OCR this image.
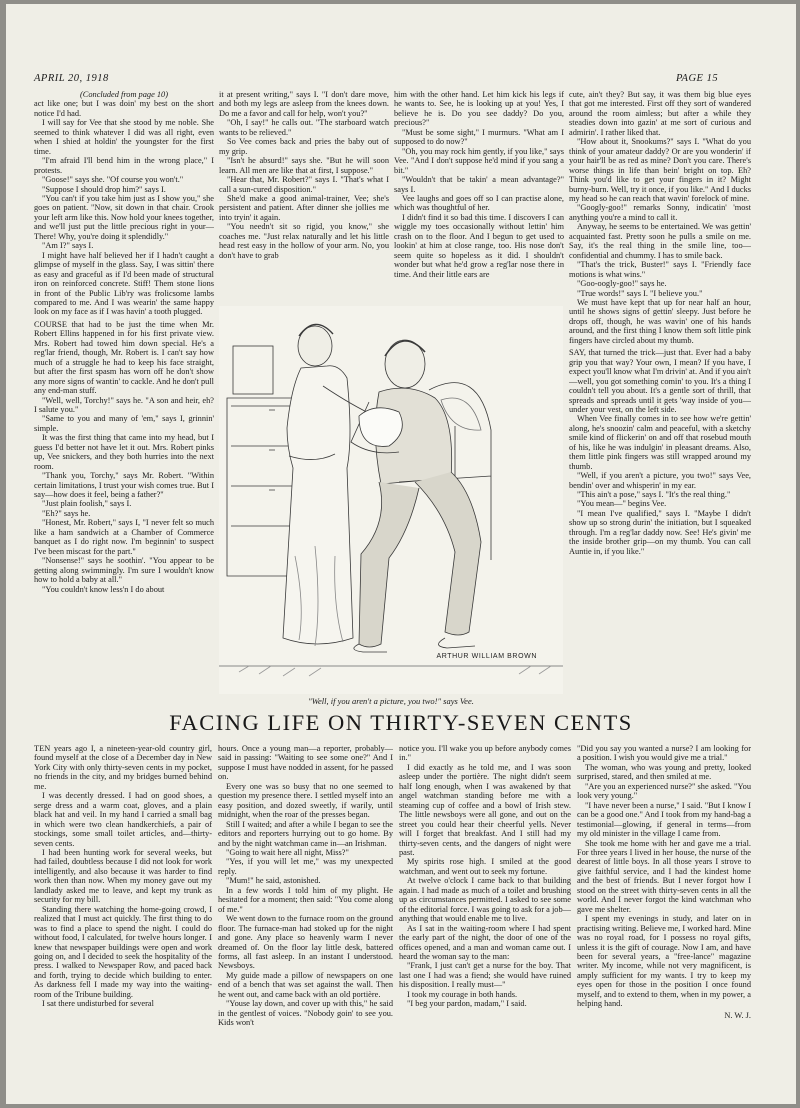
APRIL 20, 1918	PAGE 15

(Concluded from page 10)

act like one; but I was doin' my best on the short notice I'd had.

I will say for Vee that she stood by me noble. She seemed to think whatever I did was all right, even when I shied at holdin' the youngster for the first time.

"I'm afraid I'll bend him in the wrong place," I protests.

"Goose!" says she. "Of course you won't."

"Suppose I should drop him?" says I.

"You can't if you take him just as I show you," she goes on patient. "Now, sit down in that chair. Crook your left arm like this. Now hold your knees together, and we'll just put the little precious right in your— There! Why, you're doing it splendidly."

"Am I?" says I.

I might have half believed her if I hadn't caught a glimpse of myself in the glass. Say, I was sittin' there as easy and graceful as if I'd been made of structural iron on reinforced concrete. Stiff! Them stone lions in front of the Public Lib'ry was frolicsome lambs compared to me. And I was wearin' the same happy look on my face as if I was havin' a tooth plugged.

COURSE that had to be just the time when Mr. Robert Ellins happened in for his first private view. Mrs. Robert had towed him down special. He's a reg'lar friend, though, Mr. Robert is. I can't say how much of a struggle he had to keep his face straight, but after the first spasm has worn off he don't show any more signs of wantin' to cackle. And he don't pull any end-man stuff.

"Well, well, Torchy!" says he. "A son and heir, eh? I salute you."

"Same to you and many of 'em," says I, grinnin' simple.

It was the first thing that came into my head, but I guess I'd better not have let it out. Mrs. Robert pinks up, Vee snickers, and they both hurries into the next room.

"Thank you, Torchy," says Mr. Robert. "Within certain limitations, I trust your wish comes true. But I say—how does it feel, being a father?"

"Just plain foolish," says I.

"Eh?" says he.

"Honest, Mr. Robert," says I, "I never felt so much like a ham sandwich at a Chamber of Commerce banquet as I do right now. I'm beginnin' to suspect I've been miscast for the part."

"Nonsense!" says he soothin'. "You appear to be getting along swimmingly. I'm sure I wouldn't know how to hold a baby at all."

"You couldn't know less'n I do about

it at present writing," says I. "I don't dare move, and both my legs are asleep from the knees down. Do me a favor and call for help, won't you?"

"Oh, I say!" he calls out. "The starboard watch wants to be relieved."

So Vee comes back and pries the baby out of my grip.

"Isn't he absurd!" says she. "But he will soon learn. All men are like that at first, I suppose."

"Hear that, Mr. Robert?" says I. "That's what I call a sun-cured disposition."

She'd make a good animal-trainer, Vee; she's persistent and patient. After dinner she jollies me into tryin' it again.

"You needn't sit so rigid, you know," she coaches me. "Just relax naturally and let his little head rest easy in the hollow of your arm. No, you don't have to grab

him with the other hand. Let him kick his legs if he wants to. See, he is looking up at you! Yes, I believe he is. Do you see daddy? Do you, precious?"

"Must be some sight," I murmurs. "What am I supposed to do now?"

"Oh, you may rock him gently, if you like," says Vee. "And I don't suppose he'd mind if you sang a bit."

"Wouldn't that be takin' a mean advantage?" says I.

Vee laughs and goes off so I can practise alone, which was thoughtful of her.

I didn't find it so bad this time. I discovers I can wiggle my toes occasionally without lettin' him crash on to the floor. And I begun to get used to lookin' at him at close range, too. His nose don't seem quite so hopeless as it did. I shouldn't wonder but what he'd grow a reg'lar nose there in time. And their little ears are

cute, ain't they? But say, it was them big blue eyes that got me interested. First off they sort of wandered around the room aimless; but after a while they steadies down into gazin' at me sort of curious and admirin'. I rather liked that.

"How about it, Snookums?" says I. "What do you think of your amateur daddy? Or are you wonderin' if your hair'll be as red as mine? Don't you care. There's worse things in life than bein' bright on top. Eh? Think you'd like to get your fingers in it? Might burny-burn. Well, try it once, if you like." And I ducks my head so he can reach that wavin' forelock of mine.

"Googly-goo!" remarks Sonny, indicatin' 'most anything you're a mind to call it.

Anyway, he seems to be entertained. We was gettin' acquainted fast. Pretty soon he pulls a smile on me. Say, it's the real thing in the smile line, too—confidential and chummy. I has to smile back.

"That's the trick, Buster!" says I. "Friendly face motions is what wins."

"Goo-oogly-goo!" says he.

"True words!" says I. "I believe you."

We must have kept that up for near half an hour, until he shows signs of gettin' sleepy. Just before he drops off, though, he was wavin' one of his hands around, and the first thing I know them soft little pink fingers have circled about my thumb.

SAY, that turned the trick—just that. Ever had a baby grip you that way? Your own, I mean? If you have, I expect you'll know what I'm drivin' at. And if you ain't—well, you got something comin' to you. It's a thing I couldn't tell you about. It's a gentle sort of thrill, that spreads and spreads until it gets 'way inside of you—under your vest, on the left side.

When Vee finally comes in to see how we're gettin' along, he's snoozin' calm and peaceful, with a sketchy smile kind of flickerin' on and off that rosebud mouth of his, like he was indulgin' in pleasant dreams. Also, them little pink fingers was still wrapped around my thumb.

"Well, if you aren't a picture, you two!" says Vee, bendin' over and whisperin' in my ear.

"This ain't a pose," says I. "It's the real thing."

"You mean—" begins Vee.

"I mean I've qualified," says I. "Maybe I didn't show up so strong durin' the initiation, but I squeaked through. I'm a reg'lar daddy now. See! He's givin' me the inside brother grip—on my thumb. You can call Auntie in, if you like."

ARTHUR WILLIAM BROWN
"Well, if you aren't a picture, you two!" says Vee.
FACING LIFE ON THIRTY-SEVEN CENTS

TEN years ago I, a nineteen-year-old country girl, found myself at the close of a December day in New York City with only thirty-seven cents in my pocket, no friends in the city, and my bridges burned behind me.

I was decently dressed. I had on good shoes, a serge dress and a warm coat, gloves, and a plain black hat and veil. In my hand I carried a small bag in which were two clean handkerchiefs, a pair of stockings, some small toilet articles, and—thirty-seven cents.

I had been hunting work for several weeks, but had failed, doubtless because I did not look for work intelligently, and also because it was harder to find work then than now. When my money gave out my landlady asked me to leave, and kept my trunk as security for my bill.

Standing there watching the home-going crowd, I realized that I must act quickly. The first thing to do was to find a place to spend the night. I could do without food, I calculated, for twelve hours longer. I knew that newspaper buildings were open and work going on, and I decided to seek the hospitality of the press. I walked to Newspaper Row, and paced back and forth, trying to decide which building to enter. As darkness fell I made my way into the waiting-room of the Tribune building.

I sat there undisturbed for several

hours. Once a young man—a reporter, probably—said in passing: "Waiting to see some one?" And I suppose I must have nodded in assent, for he passed on.

Every one was so busy that no one seemed to question my presence there. I settled myself into an easy position, and dozed sweetly, if warily, until midnight, when the roar of the presses began.

Still I waited; and after a while I began to see the editors and reporters hurrying out to go home. By and by the night watchman came in—an Irishman.

"Going to wait here all night, Miss?"

"Yes, if you will let me," was my unexpected reply.

"Mum!" he said, astonished.

In a few words I told him of my plight. He hesitated for a moment; then said: "You come along of me."

We went down to the furnace room on the ground floor. The furnace-man had stoked up for the night and gone. Any place so heavenly warm I never dreamed of. On the floor lay little desk, battered forms, all fast asleep. In an instant I understood. Newsboys.

My guide made a pillow of newspapers on one end of a bench that was set against the wall. Then he went out, and came back with an old portière.

"Youse lay down, and cover up with this," he said in the gentlest of voices. "Nobody goin' to see you. Kids won't

notice you. I'll wake you up before anybody comes in."

I did exactly as he told me, and I was soon asleep under the portière. The night didn't seem half long enough, when I was awakened by that angel watchman standing before me with a steaming cup of coffee and a bowl of Irish stew. The little newsboys were all gone, and out on the street you could hear their cheerful yells. Never will I forget that breakfast. And I still had my thirty-seven cents, and the dangers of night were past.

My spirits rose high. I smiled at the good watchman, and went out to seek my fortune.

At twelve o'clock I came back to that building again. I had made as much of a toilet and brushing up as circumstances permitted. I asked to see some of the editorial force. I was going to ask for a job—anything that would enable me to live.

As I sat in the waiting-room where I had spent the early part of the night, the door of one of the offices opened, and a man and woman came out. I heard the woman say to the man:

"Frank, I just can't get a nurse for the boy. That last one I had was a fiend; she would have ruined his disposition. I really must—"

I took my courage in both hands.

"I beg your pardon, madam," I said.

"Did you say you wanted a nurse? I am looking for a position. I wish you would give me a trial."

The woman, who was young and pretty, looked surprised, stared, and then smiled at me.

"Are you an experienced nurse?" she asked. "You look very young."

"I have never been a nurse," I said. "But I know I can be a good one." And I took from my hand-bag a testimonial—glowing, if general in terms—from my old minister in the village I came from.

She took me home with her and gave me a trial. For three years I lived in her house, the nurse of the dearest of little boys. In all those years I strove to give faithful service, and I had the kindest home and the best of friends. But I never forgot how I stood on the street with thirty-seven cents in all the world. And I never forgot the kind watchman who gave me shelter.

I spent my evenings in study, and later on in practising writing. Believe me, I worked hard. Mine was no royal road, for I possess no royal gifts, unless it is the gift of courage. Now I am, and have been for several years, a "free-lance" magazine writer. My income, while not very magnificent, is amply sufficient for my wants. I try to keep my eyes open for those in the position I once found myself, and to extend to them, when in my power, a helping hand.

N. W. J.
